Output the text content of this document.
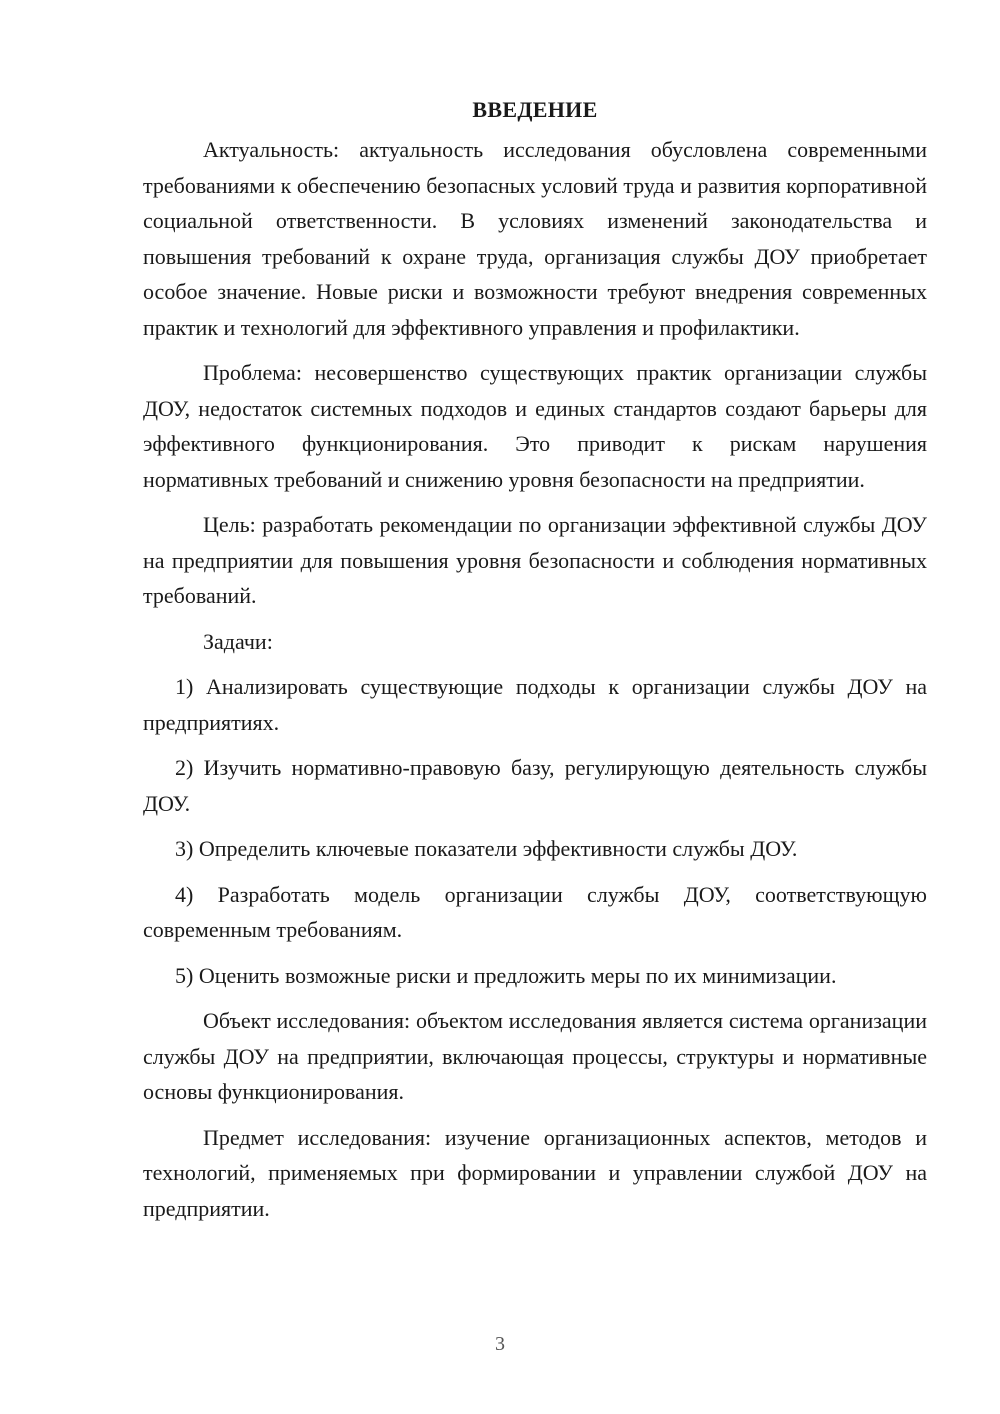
ВВЕДЕНИЕ

Актуальность: актуальность исследования обусловлена современными требованиями к обеспечению безопасных условий труда и развития корпоративной социальной ответственности. В условиях изменений законодательства и повышения требований к охране труда, организация службы ДОУ приобретает особое значение. Новые риски и возможности требуют внедрения современных практик и технологий для эффективного управления и профилактики.

Проблема: несовершенство существующих практик организации службы ДОУ, недостаток системных подходов и единых стандартов создают барьеры для эффективного функционирования. Это приводит к рискам нарушения нормативных требований и снижению уровня безопасности на предприятии.

Цель: разработать рекомендации по организации эффективной службы ДОУ на предприятии для повышения уровня безопасности и соблюдения нормативных требований.

Задачи:

1) Анализировать существующие подходы к организации службы ДОУ на предприятиях.

2) Изучить нормативно-правовую базу, регулирующую деятельность службы ДОУ.

3) Определить ключевые показатели эффективности службы ДОУ.

4) Разработать модель организации службы ДОУ, соответствующую современным требованиям.

5) Оценить возможные риски и предложить меры по их минимизации.

Объект исследования: объектом исследования является система организации службы ДОУ на предприятии, включающая процессы, структуры и нормативные основы функционирования.

Предмет исследования: изучение организационных аспектов, методов и технологий, применяемых при формировании и управлении службой ДОУ на предприятии.

3
